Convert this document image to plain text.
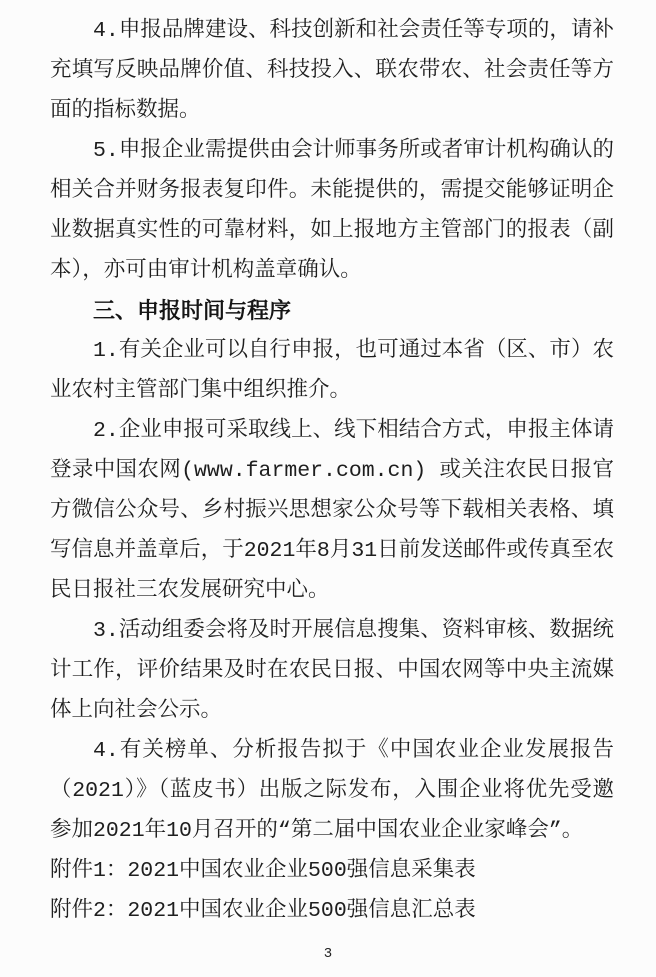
4.申报品牌建设、科技创新和社会责任等专项的，请补充填写反映品牌价值、科技投入、联农带农、社会责任等方面的指标数据。

5.申报企业需提供由会计师事务所或者审计机构确认的相关合并财务报表复印件。未能提供的，需提交能够证明企业数据真实性的可靠材料，如上报地方主管部门的报表（副本），亦可由审计机构盖章确认。

三、申报时间与程序

1.有关企业可以自行申报，也可通过本省（区、市）农业农村主管部门集中组织推介。

2.企业申报可采取线上、线下相结合方式，申报主体请登录中国农网(www.farmer.com.cn) 或关注农民日报官方微信公众号、乡村振兴思想家公众号等下载相关表格、填写信息并盖章后，于2021年8月31日前发送邮件或传真至农民日报社三农发展研究中心。

3.活动组委会将及时开展信息搜集、资料审核、数据统计工作，评价结果及时在农民日报、中国农网等中央主流媒体上向社会公示。

4.有关榜单、分析报告拟于《中国农业企业发展报告（2021）》（蓝皮书）出版之际发布，入围企业将优先受邀参加2021年10月召开的“第二届中国农业企业家峰会”。

附件1：2021中国农业企业500强信息采集表

附件2：2021中国农业企业500强信息汇总表

3
